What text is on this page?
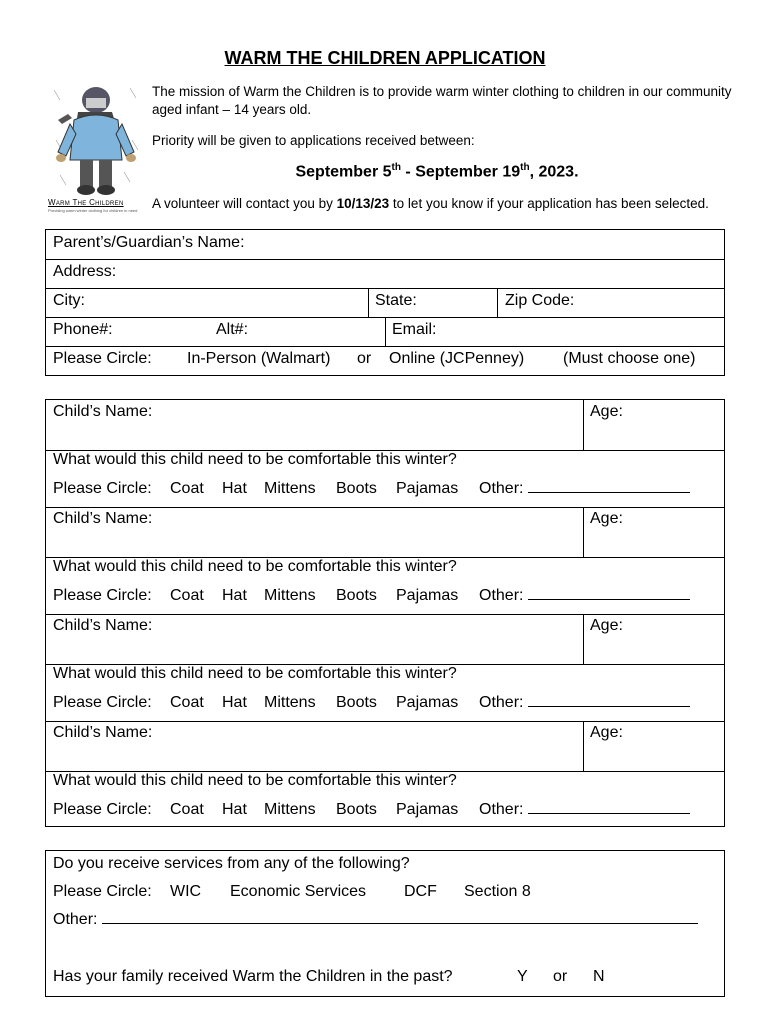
WARM THE CHILDREN APPLICATION
Warm The Children
Providing warm winter clothing for children in need
The mission of Warm the Children is to provide warm winter clothing to children in our community aged infant – 14 years old.
Priority will be given to applications received between:
September 5th - September 19th, 2023.
A volunteer will contact you by 10/13/23 to let you know if your application has been selected.
Parent’s/Guardian’s Name:
Address:
City:	State:	Zip Code:
Phone#:	Alt#:	Email:
Please Circle: In-Person (Walmart) or Online (JCPenney) (Must choose one)
Child’s Name:	Age:
What would this child need to be comfortable this winter?
Please Circle: Coat Hat Mittens Boots Pajamas Other:
Child’s Name:	Age:
What would this child need to be comfortable this winter?
Please Circle: Coat Hat Mittens Boots Pajamas Other:
Child’s Name:	Age:
What would this child need to be comfortable this winter?
Please Circle: Coat Hat Mittens Boots Pajamas Other:
Child’s Name:	Age:
What would this child need to be comfortable this winter?
Please Circle: Coat Hat Mittens Boots Pajamas Other:
Do you receive services from any of the following?
Please Circle: WIC Economic Services DCF Section 8
Other:
Has your family received Warm the Children in the past?	Y or N
